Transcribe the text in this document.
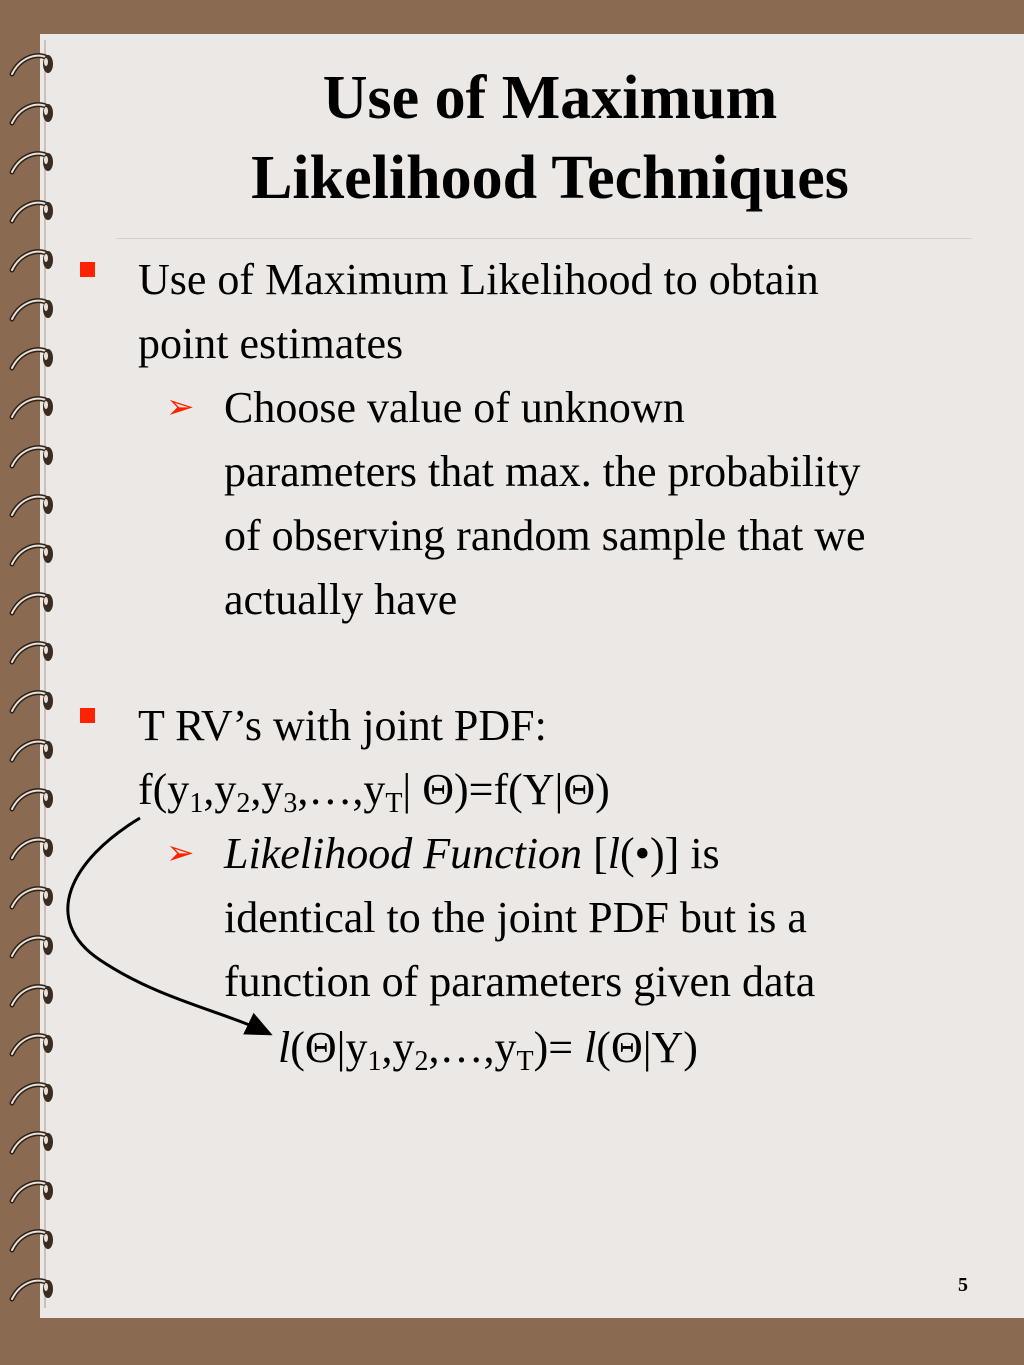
Use of Maximum
Likelihood Techniques
Use of Maximum Likelihood to obtain
point estimates
➢ Choose value of unknown
parameters that max. the probability
of observing random sample that we
actually have
T RV’s with joint PDF:
$f(y_1,y_2,y_3,\dots,y_T|$ Θ)=f(Y|Θ)
➢ Likelihood Function [l(•)] is
identical to the joint PDF but is a
function of parameters given data
$l(\Theta|y_1,y_2,\dots,y_T)= l(\Theta|Y)$
5
